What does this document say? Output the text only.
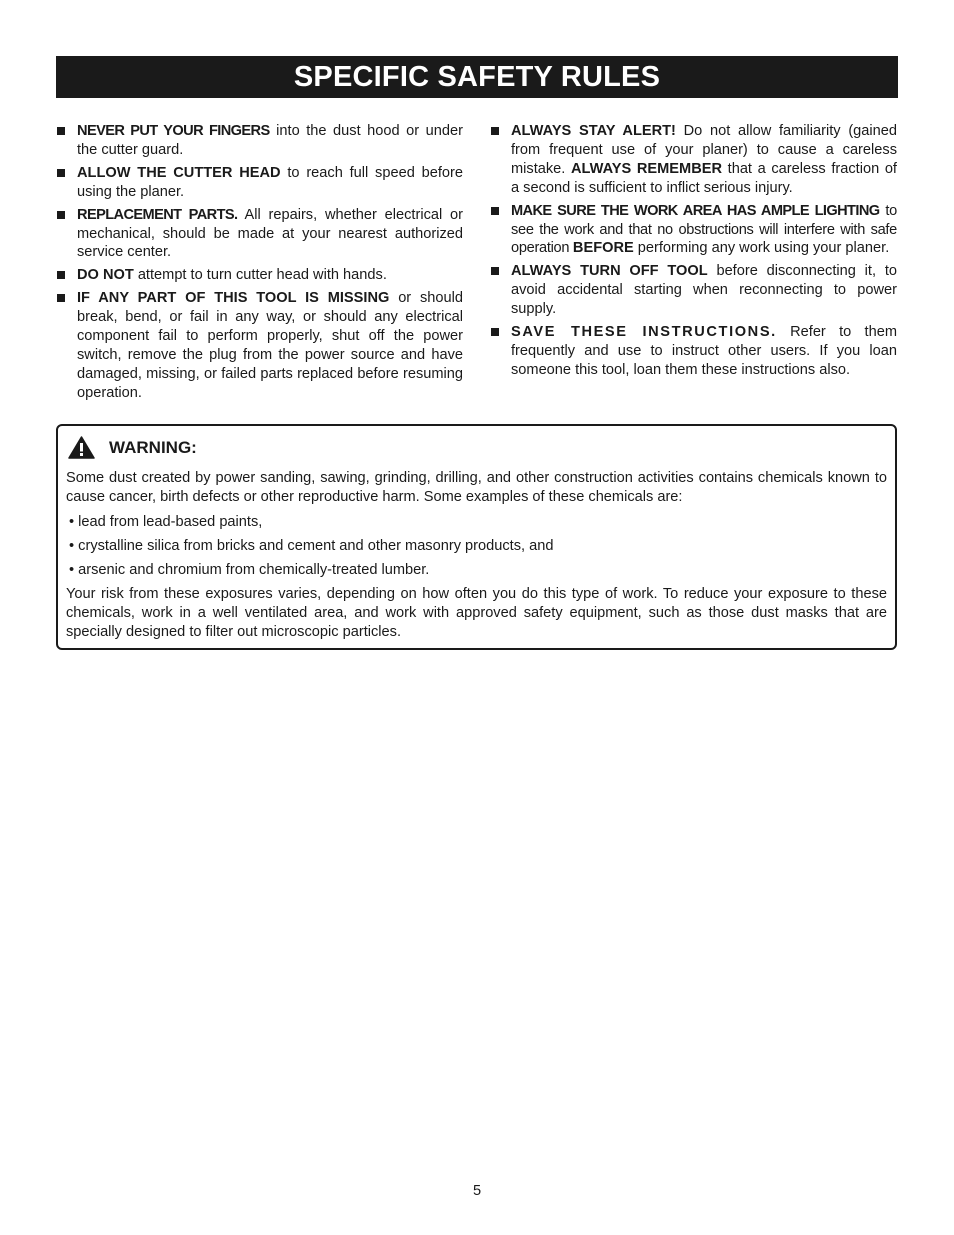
SPECIFIC SAFETY RULES

NEVER PUT YOUR FINGERS into the dust hood or under the cutter guard.

ALLOW THE CUTTER HEAD to reach full speed before using the planer.

REPLACEMENT PARTS. All repairs, whether electrical or mechanical, should be made at your nearest authorized service center.

DO NOT attempt to turn cutter head with hands.

IF ANY PART OF THIS TOOL IS MISSING or should break, bend, or fail in any way, or should any electrical component fail to perform properly, shut off the power switch, remove the plug from the power source and have damaged, missing, or failed parts replaced before resuming operation.

ALWAYS STAY ALERT! Do not allow familiarity (gained from frequent use of your planer) to cause a careless mistake. ALWAYS REMEMBER that a careless fraction of a second is sufficient to inflict serious injury.

MAKE SURE THE WORK AREA HAS AMPLE LIGHTING to see the work and that no obstructions will interfere with safe operation BEFORE performing any work using your planer.

ALWAYS TURN OFF TOOL before disconnecting it, to avoid accidental starting when reconnecting to power supply.

SAVE THESE INSTRUCTIONS. Refer to them frequently and use to instruct other users. If you loan someone this tool, loan them these instructions also.

WARNING:

Some dust created by power sanding, sawing, grinding, drilling, and other construction activities contains chemicals known to cause cancer, birth defects or other reproductive harm. Some examples of these chemicals are:

• lead from lead-based paints,
• crystalline silica from bricks and cement and other masonry products, and
• arsenic and chromium from chemically-treated lumber.

Your risk from these exposures varies, depending on how often you do this type of work. To reduce your exposure to these chemicals, work in a well ventilated area, and work with approved safety equipment, such as those dust masks that are specially designed to filter out microscopic particles.

5
